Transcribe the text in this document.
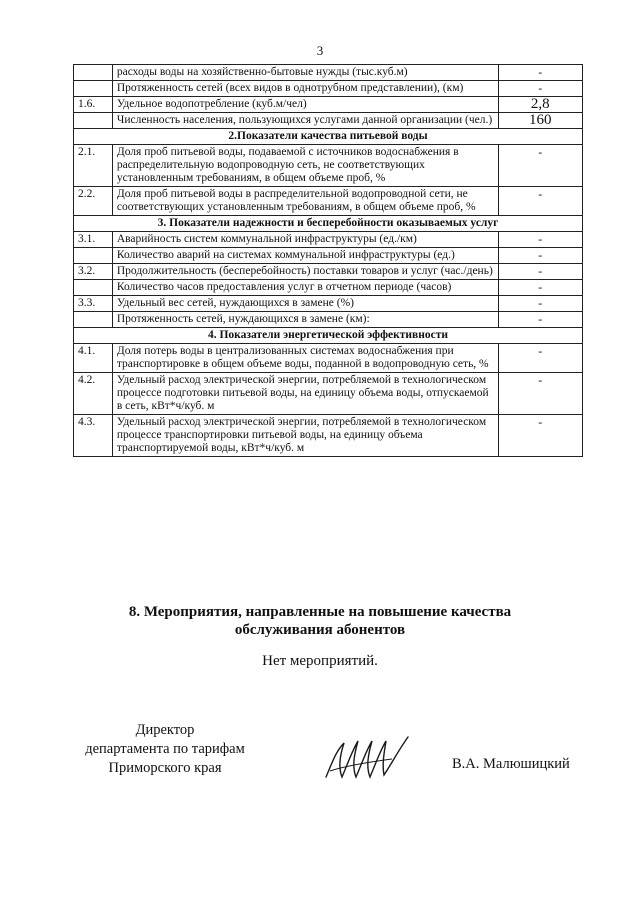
3
	расходы воды на хозяйственно-бытовые нужды (тыс.куб.м)	-
	Протяженность сетей (всех видов в однотрубном представлении), (км)	-
1.6.	Удельное водопотребление (куб.м/чел)	2,8
	Численность населения, пользующихся услугами данной организации (чел.)	160
2.Показатели качества питьевой воды		
2.1.	Доля проб питьевой воды, подаваемой с источников водоснабжения в распределительную водопроводную сеть, не соответствующих установленным требованиям, в общем объеме проб, %	-
2.2.	Доля проб питьевой воды в распределительной водопроводной сети, не соответствующих установленным требованиям, в общем объеме проб, %	-
3. Показатели надежности и бесперебойности оказываемых услуг		
3.1.	Аварийность систем коммунальной инфраструктуры (ед./км)	-
	Количество аварий на системах коммунальной инфраструктуры (ед.)	-
3.2.	Продолжительность (бесперебойность) поставки товаров и услуг (час./день)	-
	Количество часов предоставления услуг в отчетном периоде (часов)	-
3.3.	Удельный вес сетей, нуждающихся в замене (%)	-
	Протяженность сетей, нуждающихся в замене (км):	-
4. Показатели энергетической эффективности		
4.1.	Доля потерь воды в централизованных системах водоснабжения при транспортировке в общем объеме воды, поданной в водопроводную сеть, %	-
4.2.	Удельный расход электрической энергии, потребляемой в технологическом процессе подготовки питьевой воды, на единицу объема воды, отпускаемой в сеть, кВт*ч/куб. м	-
4.3.	Удельный расход электрической энергии, потребляемой в технологическом процессе транспортировки питьевой воды, на единицу объема транспортируемой воды, кВт*ч/куб. м	-
8. Мероприятия, направленные на повышение качества
обслуживания абонентов
Нет мероприятий.
Директор
департамента по тарифам
Приморского края	В.А. Малюшицкий
